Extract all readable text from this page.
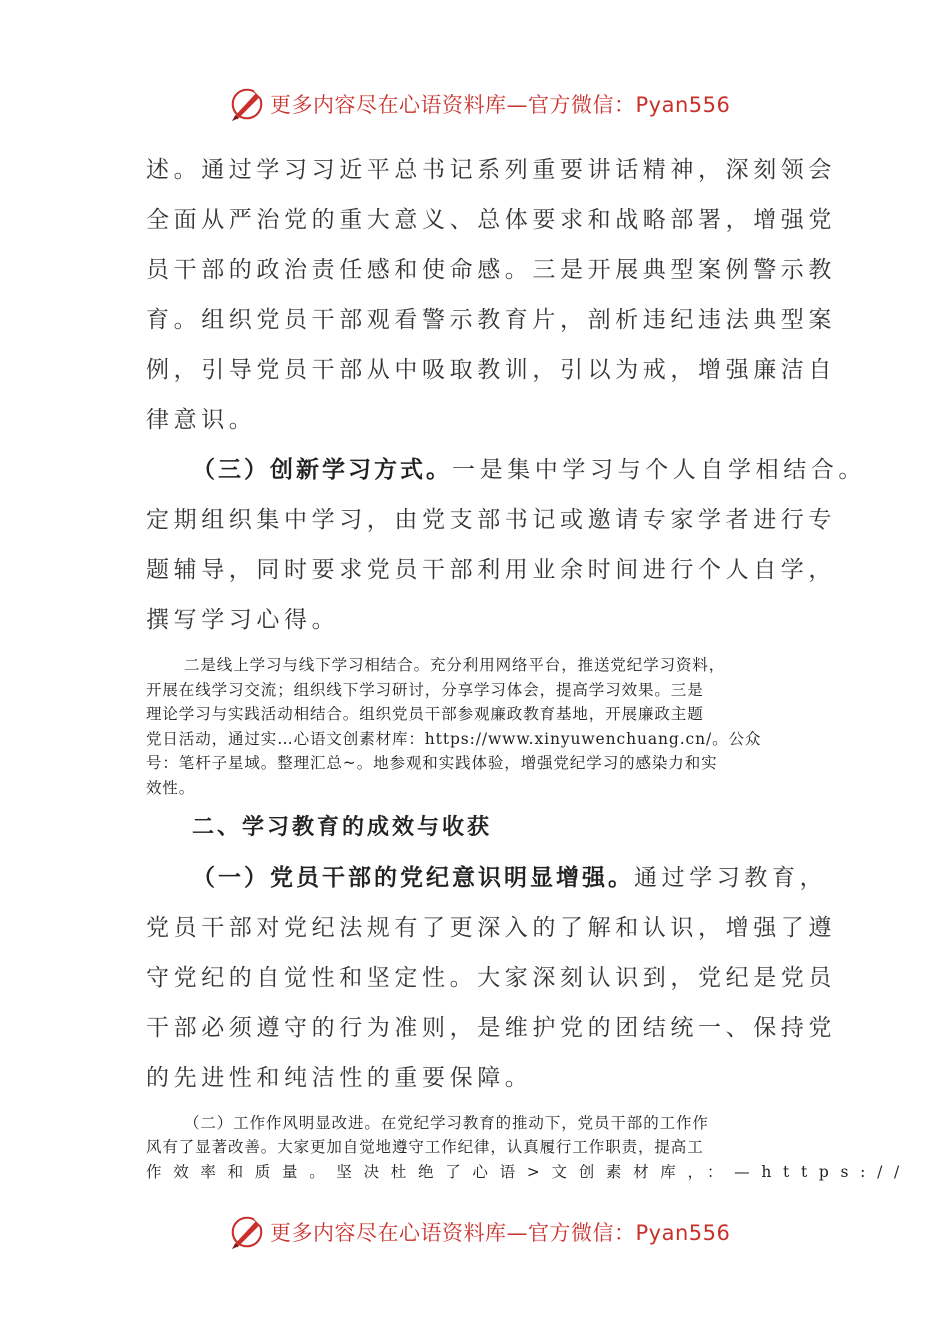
更多内容尽在心语资料库—官方微信：Pyan556

述。通过学习习近平总书记系列重要讲话精神，深刻领会

全面从严治党的重大意义、总体要求和战略部署，增强党

员干部的政治责任感和使命感。三是开展典型案例警示教

育。组织党员干部观看警示教育片，剖析违纪违法典型案

例，引导党员干部从中吸取教训，引以为戒，增强廉洁自

律意识。

（三）创新学习方式。一是集中学习与个人自学相结合。

定期组织集中学习，由党支部书记或邀请专家学者进行专

题辅导，同时要求党员干部利用业余时间进行个人自学，

撰写学习心得。

二是线上学习与线下学习相结合。充分利用网络平台，推送党纪学习资料，

开展在线学习交流；组织线下学习研讨，分享学习体会，提高学习效果。三是

理论学习与实践活动相结合。组织党员干部参观廉政教育基地，开展廉政主题

党日活动，通过实…心语文创素材库：https://www.xinyuwenchuang.cn/。公众

号：笔杆子星域。整理汇总~。地参观和实践体验，增强党纪学习的感染力和实

效性。

二、学习教育的成效与收获

（一）党员干部的党纪意识明显增强。通过学习教育，

党员干部对党纪法规有了更深入的了解和认识，增强了遵

守党纪的自觉性和坚定性。大家深刻认识到，党纪是党员

干部必须遵守的行为准则，是维护党的团结统一、保持党

的先进性和纯洁性的重要保障。

（二）工作作风明显改进。在党纪学习教育的推动下，党员干部的工作作

风有了显著改善。大家更加自觉地遵守工作纪律，认真履行工作职责，提高工

作效率和质量。坚决杜绝了心语>文创素材库，：—https://

更多内容尽在心语资料库—官方微信：Pyan556
